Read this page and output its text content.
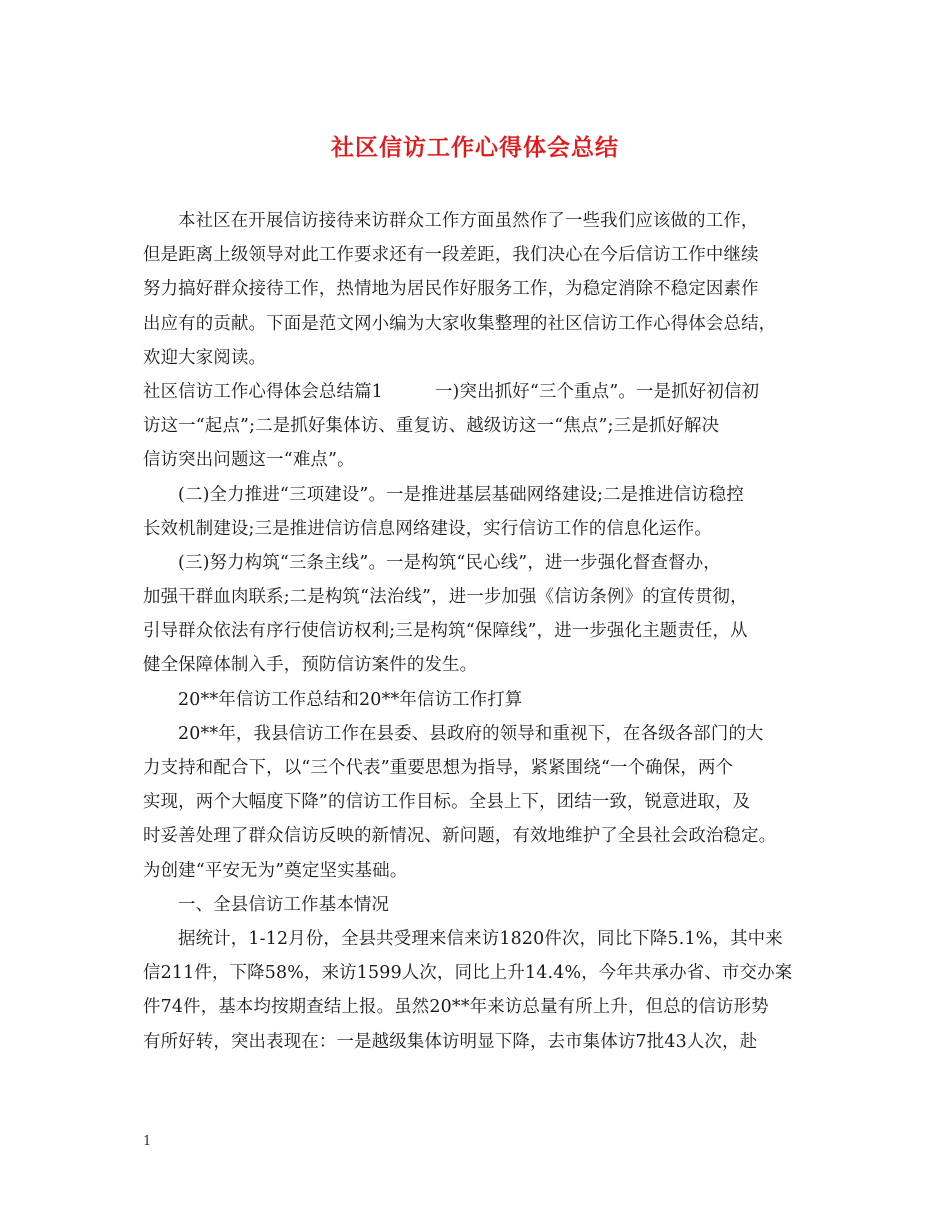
社区信访工作心得体会总结
本社区在开展信访接待来访群众工作方面虽然作了一些我们应该做的工作，
但是距离上级领导对此工作要求还有一段差距，我们决心在今后信访工作中继续
努力搞好群众接待工作，热情地为居民作好服务工作，为稳定消除不稳定因素作
出应有的贡献。下面是范文网小编为大家收集整理的社区信访工作心得体会总结，
欢迎大家阅读。
社区信访工作心得体会总结篇1	一)突出抓好“三个重点”。一是抓好初信初
访这一“起点”;二是抓好集体访、重复访、越级访这一“焦点”;三是抓好解决
信访突出问题这一“难点”。
(二)全力推进“三项建设”。一是推进基层基础网络建设;二是推进信访稳控
长效机制建设;三是推进信访信息网络建设，实行信访工作的信息化运作。
(三)努力构筑“三条主线”。一是构筑“民心线”，进一步强化督查督办，
加强干群血肉联系;二是构筑“法治线”，进一步加强《信访条例》的宣传贯彻，
引导群众依法有序行使信访权利;三是构筑“保障线”，进一步强化主题责任，从
健全保障体制入手，预防信访案件的发生。
20**年信访工作总结和20**年信访工作打算
20**年，我县信访工作在县委、县政府的领导和重视下，在各级各部门的大
力支持和配合下，以“三个代表”重要思想为指导，紧紧围绕“一个确保，两个
实现，两个大幅度下降”的信访工作目标。全县上下，团结一致，锐意进取，及
时妥善处理了群众信访反映的新情况、新问题，有效地维护了全县社会政治稳定。
为创建“平安无为”奠定坚实基础。
一、全县信访工作基本情况
据统计，1-12月份，全县共受理来信来访1820件次，同比下降5.1%，其中来
信211件，下降58%，来访1599人次，同比上升14.4%，今年共承办省、市交办案
件74件，基本均按期查结上报。虽然20**年来访总量有所上升，但总的信访形势
有所好转，突出表现在：一是越级集体访明显下降，去市集体访7批43人次，赴
1
